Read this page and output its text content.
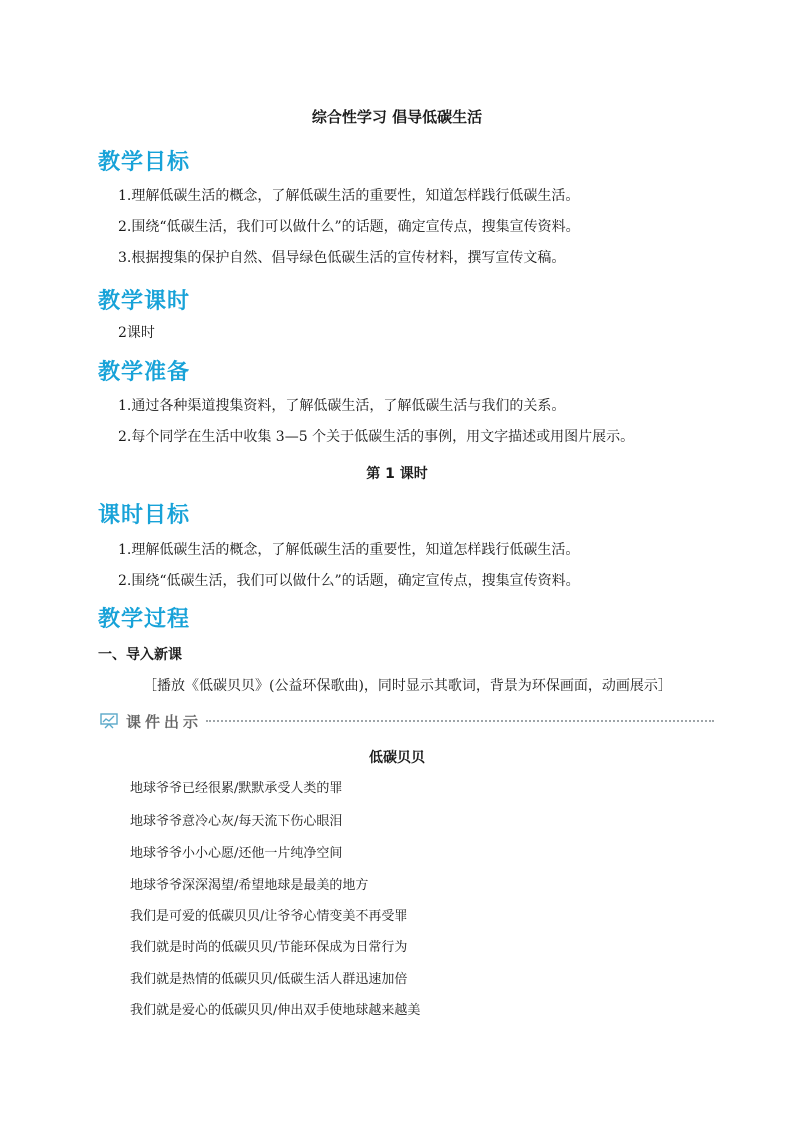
综合性学习 倡导低碳生活
教学目标

1.理解低碳生活的概念，了解低碳生活的重要性，知道怎样践行低碳生活。

2.围绕“低碳生活，我们可以做什么”的话题，确定宣传点，搜集宣传资料。

3.根据搜集的保护自然、倡导绿色低碳生活的宣传材料，撰写宣传文稿。

教学课时

2课时

教学准备

1.通过各种渠道搜集资料，了解低碳生活，了解低碳生活与我们的关系。

2.每个同学在生活中收集 3—5 个关于低碳生活的事例，用文字描述或用图片展示。

第 1 课时
课时目标

1.理解低碳生活的概念，了解低碳生活的重要性，知道怎样践行低碳生活。

2.围绕“低碳生活，我们可以做什么”的话题，确定宣传点，搜集宣传资料。

教学过程
一、导入新课

［播放《低碳贝贝》(公益环保歌曲)，同时显示其歌词，背景为环保画面，动画展示］

课件出示
低碳贝贝

地球爷爷已经很累/默默承受人类的罪

地球爷爷意冷心灰/每天流下伤心眼泪

地球爷爷小小心愿/还他一片纯净空间

地球爷爷深深渴望/希望地球是最美的地方

我们是可爱的低碳贝贝/让爷爷心情变美不再受罪

我们就是时尚的低碳贝贝/节能环保成为日常行为

我们就是热情的低碳贝贝/低碳生活人群迅速加倍

我们就是爱心的低碳贝贝/伸出双手使地球越来越美
